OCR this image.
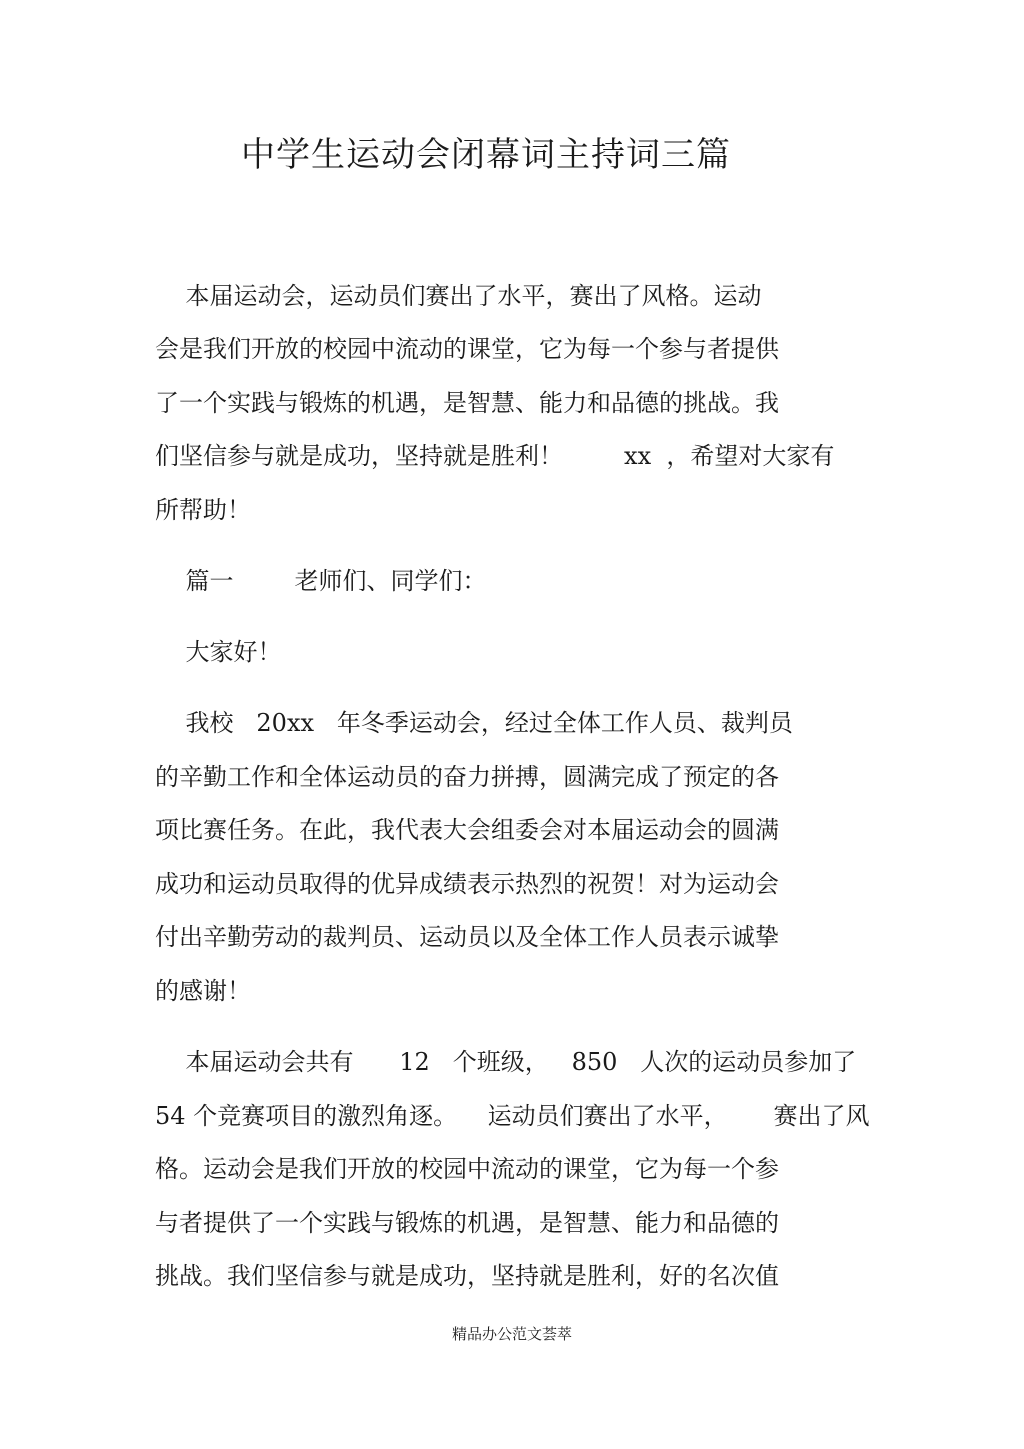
中学生运动会闭幕词主持词三篇
本届运动会，运动员们赛出了水平，赛出了风格。运动
会是我们开放的校园中流动的课堂，它为每一个参与者提供
了一个实践与锻炼的机遇，是智慧、能力和品德的挑战。我
们坚信参与就是成功，坚持就是胜利！        xx  ，希望对大家有
所帮助！
篇一        老师们、同学们：
大家好！
我校   20xx   年冬季运动会，经过全体工作人员、裁判员
的辛勤工作和全体运动员的奋力拼搏，圆满完成了预定的各
项比赛任务。在此，我代表大会组委会对本届运动会的圆满
成功和运动员取得的优异成绩表示热烈的祝贺！对为运动会
付出辛勤劳动的裁判员、运动员以及全体工作人员表示诚挚
的感谢！
本届运动会共有      12   个班级，   850   人次的运动员参加了
54 个竞赛项目的激烈角逐。    运动员们赛出了水平，      赛出了风
格。运动会是我们开放的校园中流动的课堂，它为每一个参
与者提供了一个实践与锻炼的机遇，是智慧、能力和品德的
挑战。我们坚信参与就是成功，坚持就是胜利，好的名次值
精品办公范文荟萃
